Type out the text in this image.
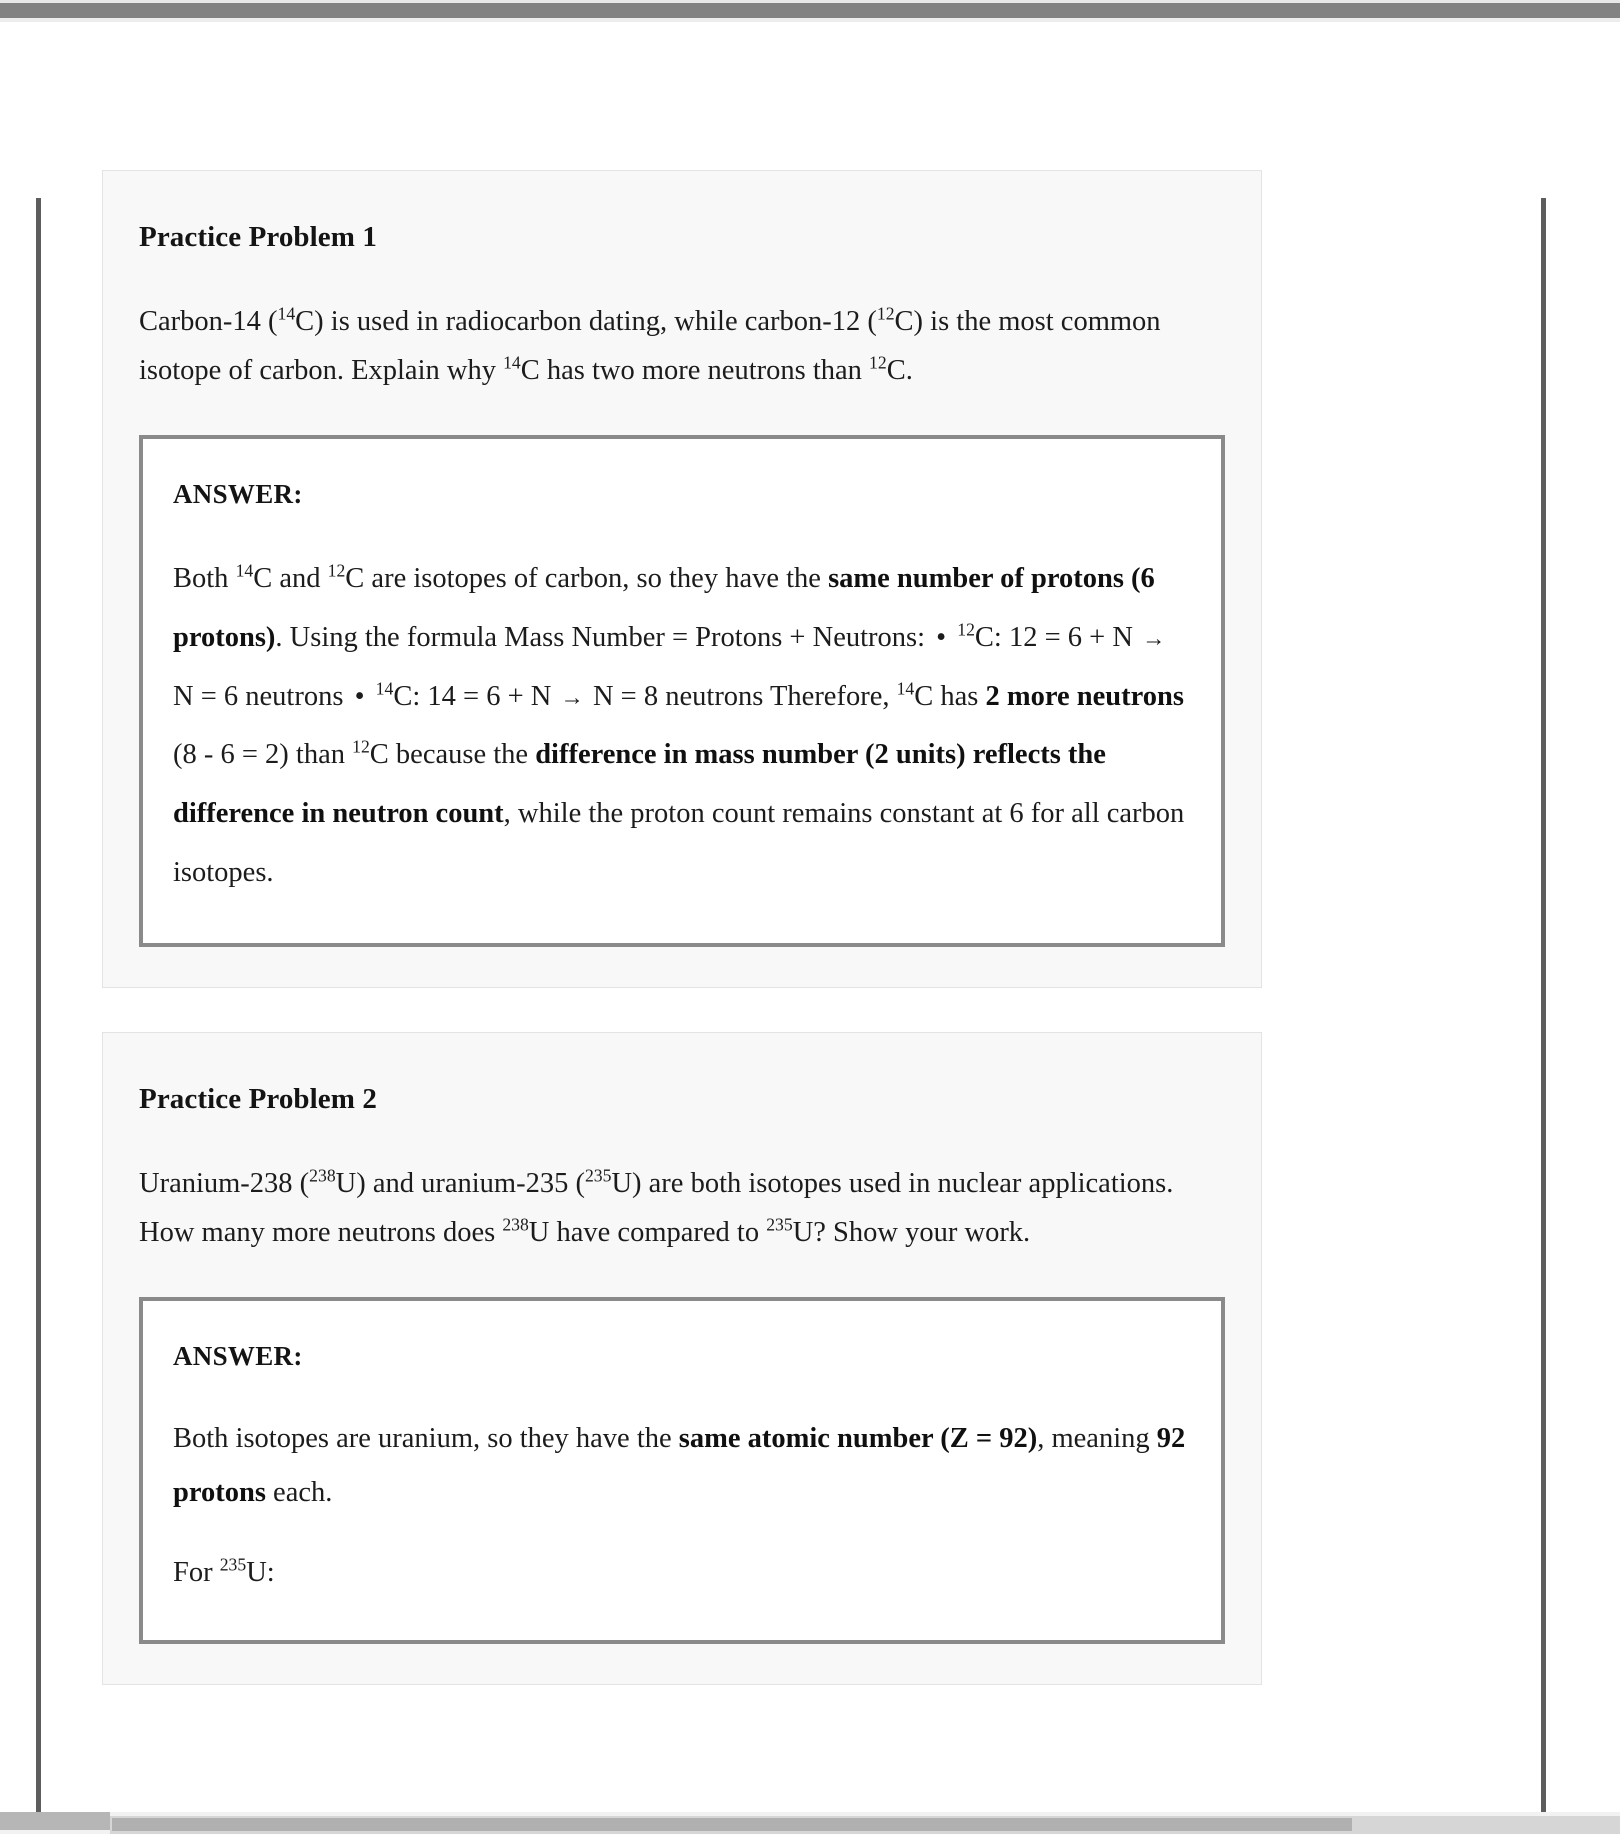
Practice Problem 1

Carbon-14 ($^{14}$C) is used in radiocarbon dating, while carbon-12 ($^{12}$C) is the most common isotope of carbon. Explain why $^{14}$C has two more neutrons than $^{12}$C.

ANSWER:

Both $^{14}$C and $^{12}$C are isotopes of carbon, so they have the same number of protons (6 protons). Using the formula Mass Number = Protons + Neutrons: • $^{12}$C: 12 = 6 + N → N = 6 neutrons • $^{14}$C: 14 = 6 + N → N = 8 neutrons Therefore, $^{14}$C has 2 more neutrons (8 - 6 = 2) than $^{12}$C because the difference in mass number (2 units) reflects the difference in neutron count, while the proton count remains constant at 6 for all carbon isotopes.

Practice Problem 2

Uranium-238 ($^{238}$U) and uranium-235 ($^{235}$U) are both isotopes used in nuclear applications. How many more neutrons does $^{238}$U have compared to $^{235}$U? Show your work.

ANSWER:

Both isotopes are uranium, so they have the same atomic number (Z = 92), meaning 92 protons each.

For $^{235}$U:
